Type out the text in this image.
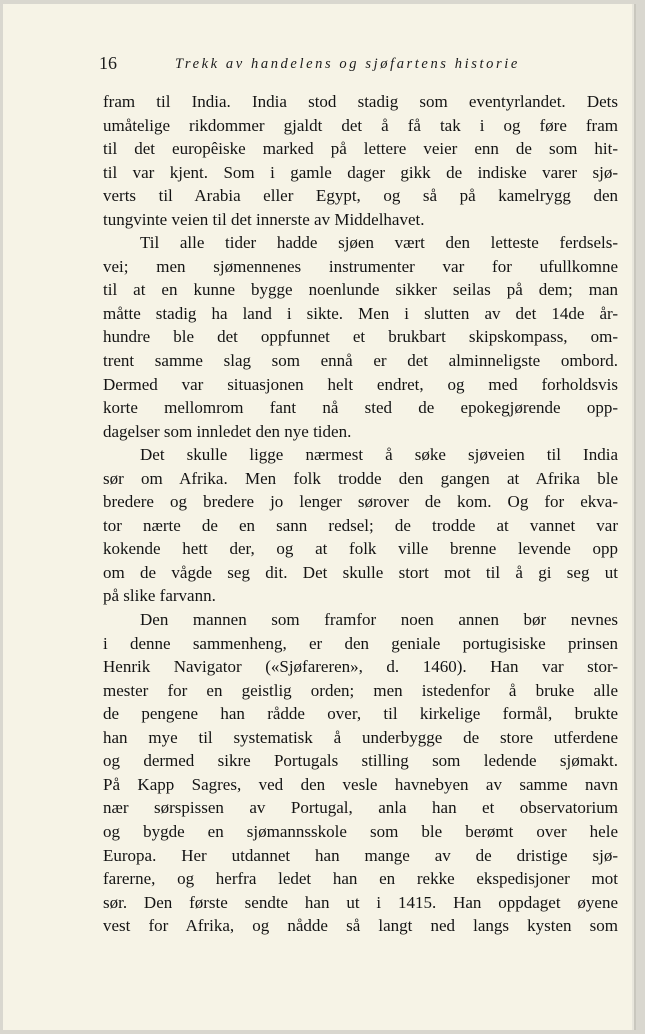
16	Trekk av handelens og sjøfartens historie
fram til India. India stod stadig som eventyrlandet. Dets
umåtelige rikdommer gjaldt det å få tak i og føre fram
til det europêiske marked på lettere veier enn de som hit-
til var kjent. Som i gamle dager gikk de indiske varer sjø-
verts til Arabia eller Egypt, og så på kamelrygg den
tungvinte veien til det innerste av Middelhavet.
Til alle tider hadde sjøen vært den letteste ferdsels-
vei; men sjømennenes instrumenter var for ufullkomne
til at en kunne bygge noenlunde sikker seilas på dem; man
måtte stadig ha land i sikte. Men i slutten av det 14de år-
hundre ble det oppfunnet et brukbart skipskompass, om-
trent samme slag som ennå er det alminneligste ombord.
Dermed var situasjonen helt endret, og med forholdsvis
korte mellomrom fant nå sted de epokegjørende opp-
dagelser som innledet den nye tiden.
Det skulle ligge nærmest å søke sjøveien til India
sør om Afrika. Men folk trodde den gangen at Afrika ble
bredere og bredere jo lenger sørover de kom. Og for ekva-
tor nærte de en sann redsel; de trodde at vannet var
kokende hett der, og at folk ville brenne levende opp
om de vågde seg dit. Det skulle stort mot til å gi seg ut
på slike farvann.
Den mannen som framfor noen annen bør nevnes
i denne sammenheng, er den geniale portugisiske prinsen
Henrik Navigator («Sjøfareren», d. 1460). Han var stor-
mester for en geistlig orden; men istedenfor å bruke alle
de pengene han rådde over, til kirkelige formål, brukte
han mye til systematisk å underbygge de store utferdene
og dermed sikre Portugals stilling som ledende sjømakt.
På Kapp Sagres, ved den vesle havnebyen av samme navn
nær sørspissen av Portugal, anla han et observatorium
og bygde en sjømannsskole som ble berømt over hele
Europa. Her utdannet han mange av de dristige sjø-
farerne, og herfra ledet han en rekke ekspedisjoner mot
sør. Den første sendte han ut i 1415. Han oppdaget øyene
vest for Afrika, og nådde så langt ned langs kysten som
